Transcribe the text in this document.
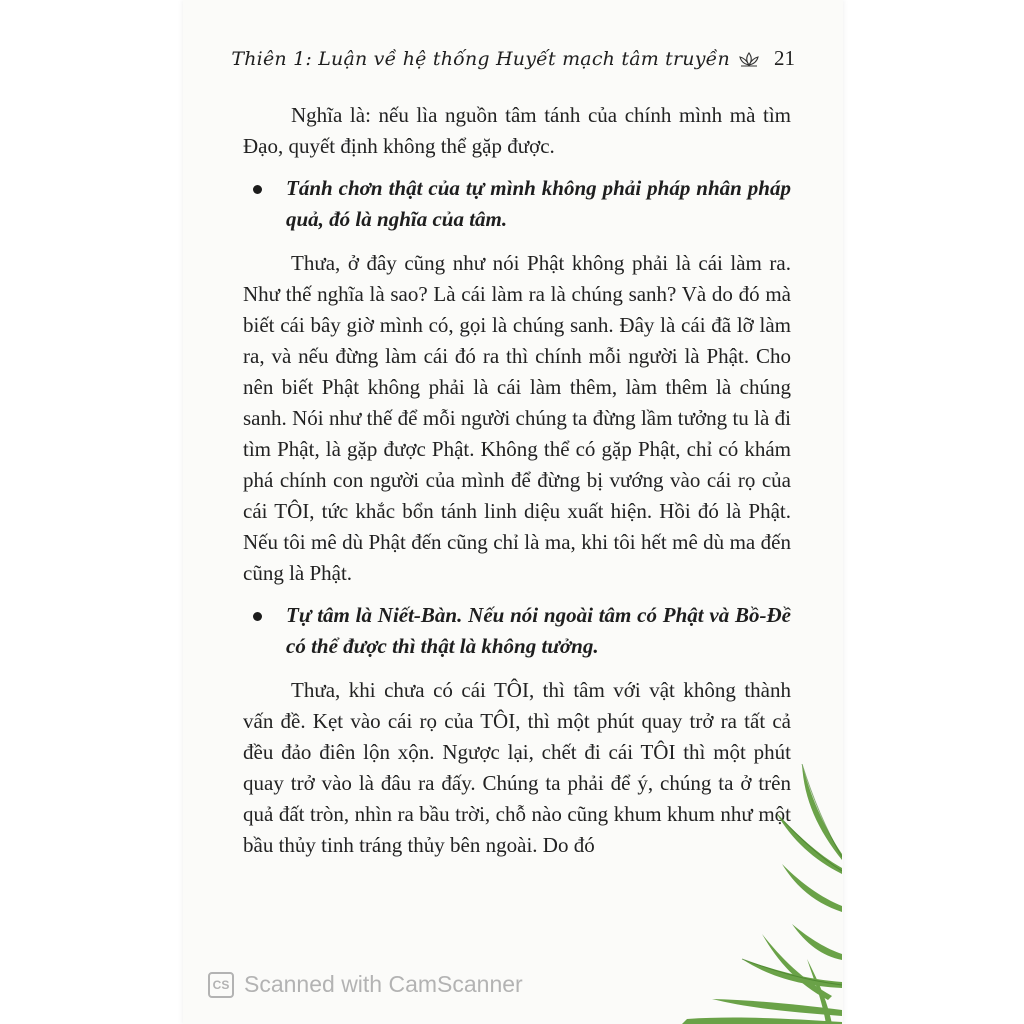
Thiên 1: Luận về hệ thống Huyết mạch tâm truyền 21

Nghĩa là: nếu lìa nguồn tâm tánh của chính mình mà tìm Đạo, quyết định không thể gặp được.

Tánh chơn thật của tự mình không phải pháp nhân pháp quả, đó là nghĩa của tâm.

Thưa, ở đây cũng như nói Phật không phải là cái làm ra. Như thế nghĩa là sao? Là cái làm ra là chúng sanh? Và do đó mà biết cái bây giờ mình có, gọi là chúng sanh. Đây là cái đã lỡ làm ra, và nếu đừng làm cái đó ra thì chính mỗi người là Phật. Cho nên biết Phật không phải là cái làm thêm, làm thêm là chúng sanh. Nói như thế để mỗi người chúng ta đừng lầm tưởng tu là đi tìm Phật, là gặp được Phật. Không thể có gặp Phật, chỉ có khám phá chính con người của mình để đừng bị vướng vào cái rọ của cái TÔI, tức khắc bổn tánh linh diệu xuất hiện. Hồi đó là Phật. Nếu tôi mê dù Phật đến cũng chỉ là ma, khi tôi hết mê dù ma đến cũng là Phật.

Tự tâm là Niết-Bàn. Nếu nói ngoài tâm có Phật và Bồ-Đề có thể được thì thật là không tưởng.

Thưa, khi chưa có cái TÔI, thì tâm với vật không thành vấn đề. Kẹt vào cái rọ của TÔI, thì một phút quay trở ra tất cả đều đảo điên lộn xộn. Ngược lại, chết đi cái TÔI thì một phút quay trở vào là đâu ra đấy. Chúng ta phải để ý, chúng ta ở trên quả đất tròn, nhìn ra bầu trời, chỗ nào cũng khum khum như một bầu thủy tinh tráng thủy bên ngoài. Do đó

CS Scanned with CamScanner
